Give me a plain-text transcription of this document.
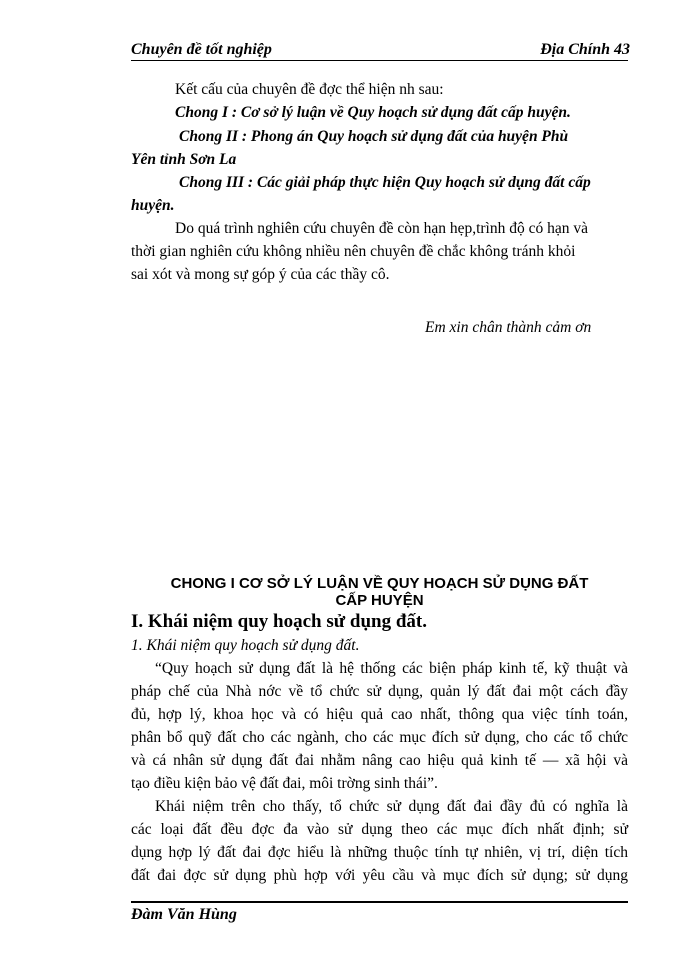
Chuyên đề tốt nghiệp	Địa Chính 43
Kết cấu của chuyên đề đợc thể hiện nh sau:
Chong I : Cơ sở lý luận về Quy hoạch sử dụng đất cấp huyện.
Chong II : Phong án Quy hoạch sử dụng đất của huyện Phù
Yên tỉnh Sơn La
Chong III : Các giải pháp thực hiện Quy hoạch sử dụng đất cấp
huyện.
Do quá trình nghiên cứu chuyên đề còn hạn hẹp,trình độ có hạn và
thời gian nghiên cứu không nhiều nên chuyên đề chắc không tránh khỏi
sai xót và mong sự góp ý của các thầy cô.
Em xin chân thành cảm ơn
CHONG I CƠ SỞ LÝ LUẬN VỀ QUY HOẠCH SỬ DỤNG ĐẤT
CẤP HUYỆN
I. Khái niệm quy hoạch sử dụng đất.
1. Khái niệm quy hoạch sử dụng đất.
“Quy hoạch sử dụng đất là hệ thống các biện pháp kinh tế, kỹ thuật và
pháp chế của Nhà nớc về tổ chức sử dụng, quản lý đất đai một cách đầy
đủ, hợp lý, khoa học và có hiệu quả cao nhất, thông qua việc tính toán,
phân bổ quỹ đất cho các ngành, cho các mục đích sử dụng, cho các tổ chức
và cá nhân sử dụng đất đai nhằm nâng cao hiệu quả kinh tế — xã hội và
tạo điều kiện bảo vệ đất đai, môi trờng sinh thái”.
Khái niệm trên cho thấy, tổ chức sử dụng đất đai đầy đủ có nghĩa là
các loại đất đều đợc đa vào sử dụng theo các mục đích nhất định; sử
dụng hợp lý đất đai đợc hiểu là những thuộc tính tự nhiên, vị trí, diện tích
đất đai đợc sử dụng phù hợp với yêu cầu và mục đích sử dụng; sử dụng
Đàm Văn Hùng
